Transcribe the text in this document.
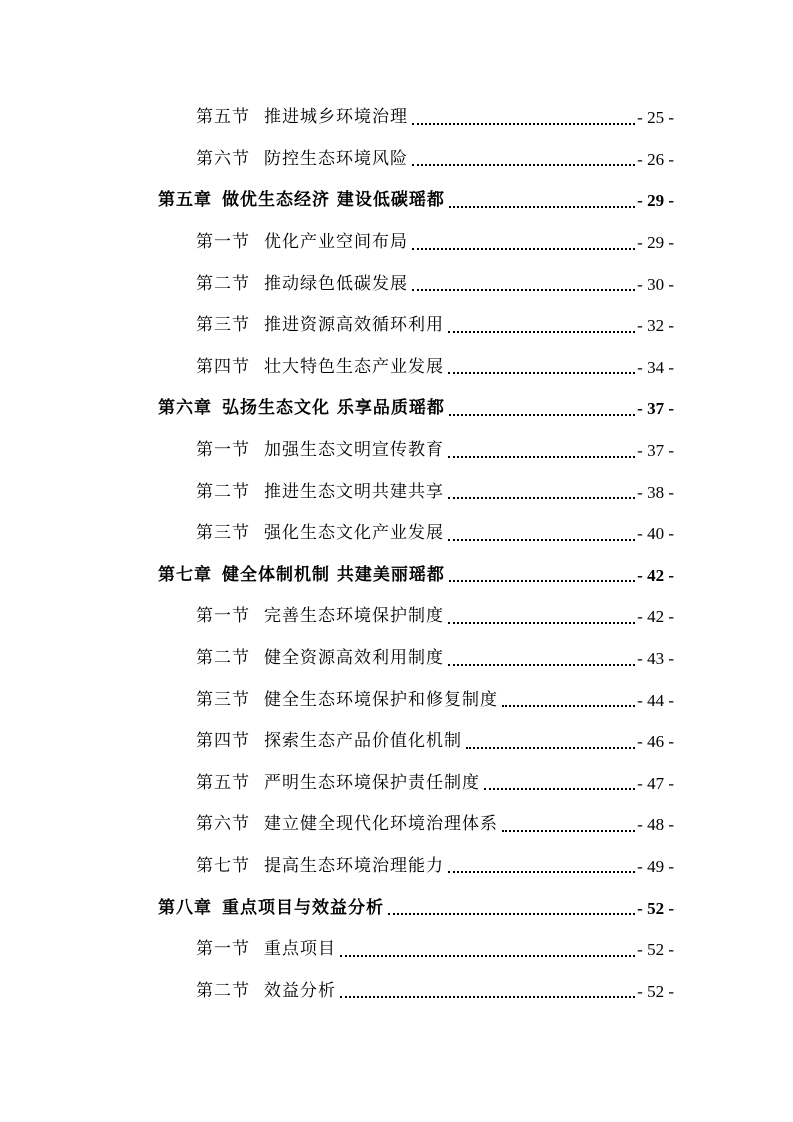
第五节 推进城乡环境治理	- 25 -
第六节 防控生态环境风险	- 26 -
第五章 做优生态经济 建设低碳瑶都	- 29 -
第一节 优化产业空间布局	- 29 -
第二节 推动绿色低碳发展	- 30 -
第三节 推进资源高效循环利用	- 32 -
第四节 壮大特色生态产业发展	- 34 -
第六章 弘扬生态文化 乐享品质瑶都	- 37 -
第一节 加强生态文明宣传教育	- 37 -
第二节 推进生态文明共建共享	- 38 -
第三节 强化生态文化产业发展	- 40 -
第七章 健全体制机制 共建美丽瑶都	- 42 -
第一节 完善生态环境保护制度	- 42 -
第二节 健全资源高效利用制度	- 43 -
第三节 健全生态环境保护和修复制度	- 44 -
第四节 探索生态产品价值化机制	- 46 -
第五节 严明生态环境保护责任制度	- 47 -
第六节 建立健全现代化环境治理体系	- 48 -
第七节 提高生态环境治理能力	- 49 -
第八章 重点项目与效益分析	- 52 -
第一节 重点项目	- 52 -
第二节 效益分析	- 52 -
